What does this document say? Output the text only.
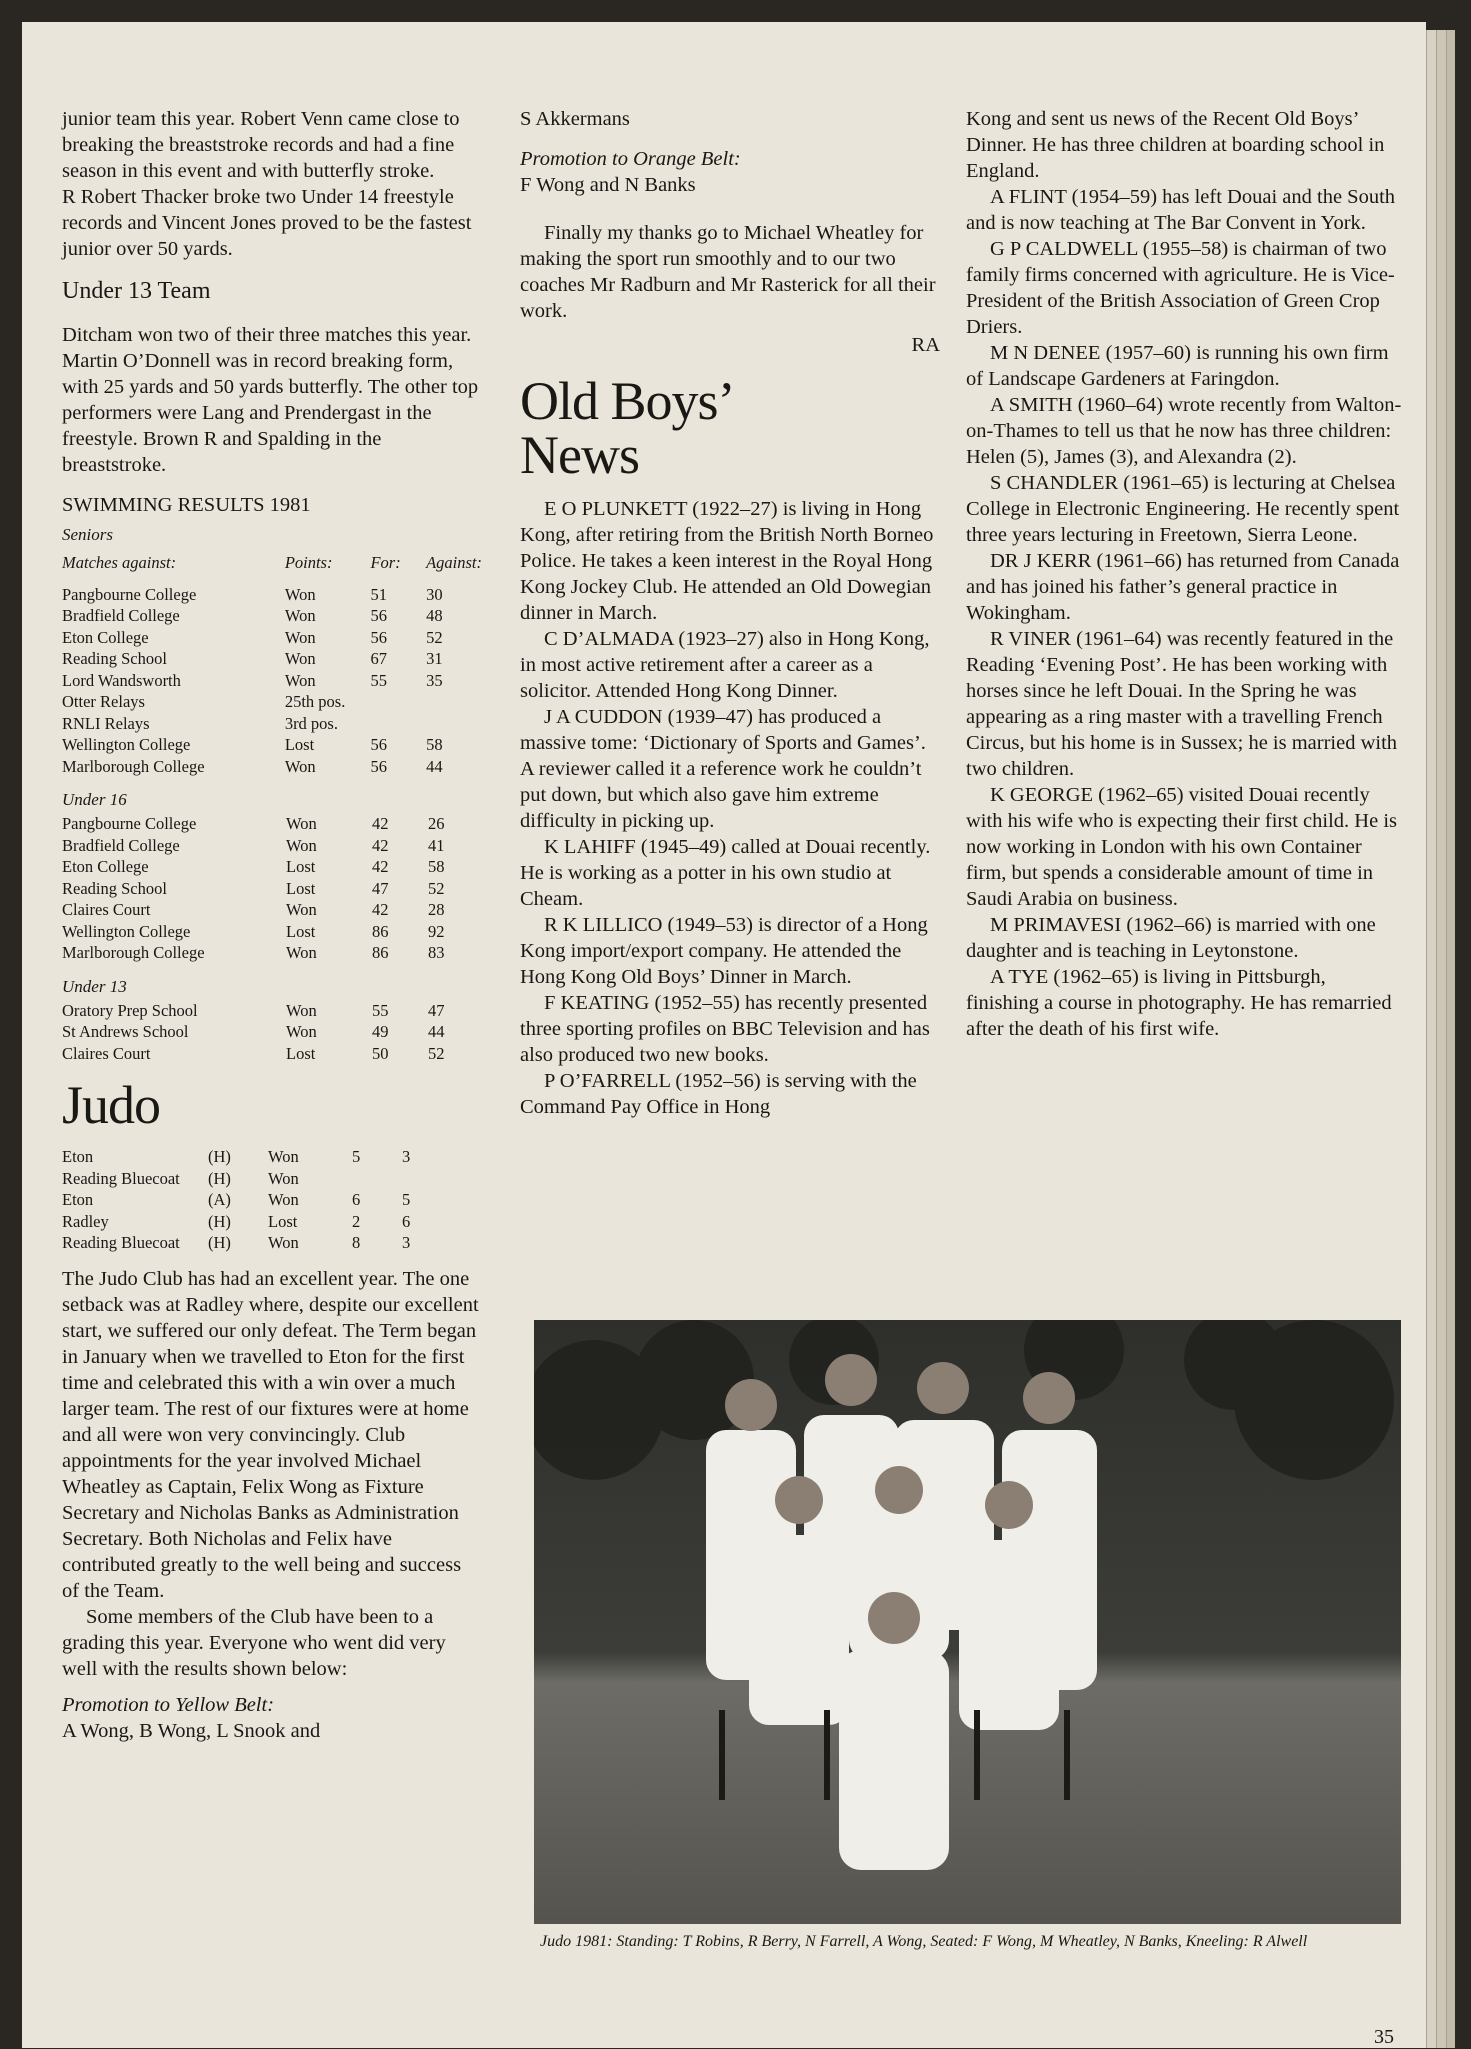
junior team this year. Robert Venn came close to breaking the breaststroke records and had a fine season in this event and with butterfly stroke.

R Robert Thacker broke two Under 14 freestyle records and Vincent Jones proved to be the fastest junior over 50 yards.

Under 13 Team

Ditcham won two of their three matches this year. Martin O’Donnell was in record breaking form, with 25 yards and 50 yards butterfly. The other top performers were Lang and Prendergast in the freestyle. Brown R and Spalding in the breaststroke.

SWIMMING RESULTS 1981

Seniors

Matches against:	Points:	For:	Against:
Pangbourne College	Won	51	30
Bradfield College	Won	56	48
Eton College	Won	56	52
Reading School	Won	67	31
Lord Wandsworth	Won	55	35
Otter Relays	25th pos.		
RNLI Relays	3rd pos.		
Wellington College	Lost	56	58
Marlborough College	Won	56	44

Under 16

Pangbourne College	Won	42	26
Bradfield College	Won	42	41
Eton College	Lost	42	58
Reading School	Lost	47	52
Claires Court	Won	42	28
Wellington College	Lost	86	92
Marlborough College	Won	86	83

Under 13

Oratory Prep School	Won	55	47
St Andrews School	Won	49	44
Claires Court	Lost	50	52
Judo
Eton	(H)	Won	5	3
Reading Bluecoat	(H)	Won		
Eton	(A)	Won	6	5
Radley	(H)	Lost	2	6
Reading Bluecoat	(H)	Won	8	3

The Judo Club has had an excellent year. The one setback was at Radley where, despite our excellent start, we suffered our only defeat. The Term began in January when we travelled to Eton for the first time and celebrated this with a win over a much larger team. The rest of our fixtures were at home and all were won very convincingly. Club appointments for the year involved Michael Wheatley as Captain, Felix Wong as Fixture Secretary and Nicholas Banks as Administration Secretary. Both Nicholas and Felix have contributed greatly to the well being and success of the Team.

Some members of the Club have been to a grading this year. Everyone who went did very well with the results shown below:

Promotion to Yellow Belt:

A Wong, B Wong, L Snook and

S Akkermans

Promotion to Orange Belt:

F Wong and N Banks

Finally my thanks go to Michael Wheatley for making the sport run smoothly and to our two coaches Mr Radburn and Mr Rasterick for all their work.

RA

Old Boys’
News

E O PLUNKETT (1922–27) is living in Hong Kong, after retiring from the British North Borneo Police. He takes a keen interest in the Royal Hong Kong Jockey Club. He attended an Old Dowegian dinner in March.

C D’ALMADA (1923–27) also in Hong Kong, in most active retirement after a career as a solicitor. Attended Hong Kong Dinner.

J A CUDDON (1939–47) has produced a massive tome: ‘Dictionary of Sports and Games’. A reviewer called it a reference work he couldn’t put down, but which also gave him extreme difficulty in picking up.

K LAHIFF (1945–49) called at Douai recently. He is working as a potter in his own studio at Cheam.

R K LILLICO (1949–53) is director of a Hong Kong import/export company. He attended the Hong Kong Old Boys’ Dinner in March.

F KEATING (1952–55) has recently presented three sporting profiles on BBC Television and has also produced two new books.

P O’FARRELL (1952–56) is serving with the Command Pay Office in Hong

Kong and sent us news of the Recent Old Boys’ Dinner. He has three children at boarding school in England.

A FLINT (1954–59) has left Douai and the South and is now teaching at The Bar Convent in York.

G P CALDWELL (1955–58) is chairman of two family firms concerned with agriculture. He is Vice-President of the British Association of Green Crop Driers.

M N DENEE (1957–60) is running his own firm of Landscape Gardeners at Faringdon.

A SMITH (1960–64) wrote recently from Walton-on-Thames to tell us that he now has three children: Helen (5), James (3), and Alexandra (2).

S CHANDLER (1961–65) is lecturing at Chelsea College in Electronic Engineering. He recently spent three years lecturing in Freetown, Sierra Leone.

DR J KERR (1961–66) has returned from Canada and has joined his father’s general practice in Wokingham.

R VINER (1961–64) was recently featured in the Reading ‘Evening Post’. He has been working with horses since he left Douai. In the Spring he was appearing as a ring master with a travelling French Circus, but his home is in Sussex; he is married with two children.

K GEORGE (1962–65) visited Douai recently with his wife who is expecting their first child. He is now working in London with his own Container firm, but spends a considerable amount of time in Saudi Arabia on business.

M PRIMAVESI (1962–66) is married with one daughter and is teaching in Leytonstone.

A TYE (1962–65) is living in Pittsburgh, finishing a course in photography. He has remarried after the death of his first wife.

Judo 1981: Standing: T Robins, R Berry, N Farrell, A Wong, Seated: F Wong, M Wheatley, N Banks, Kneeling: R Alwell
35
